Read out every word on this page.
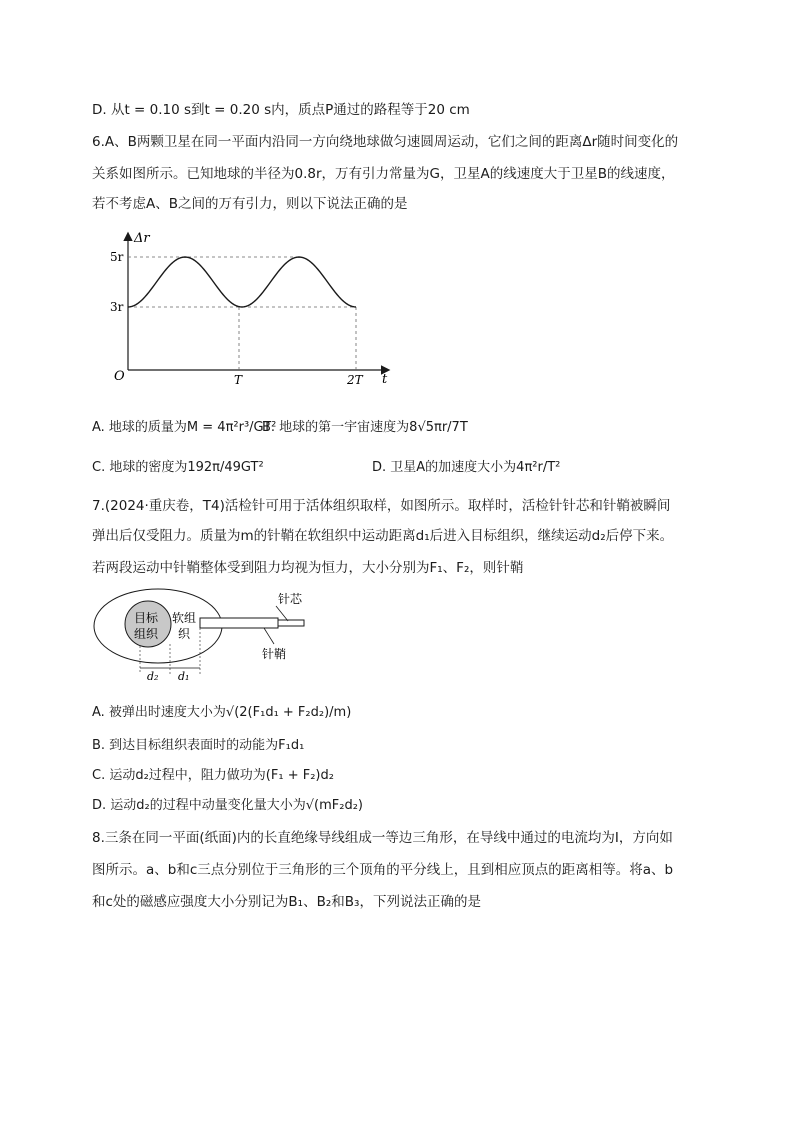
D. 从t = 0.10 s到t = 0.20 s内，质点P通过的路程等于20 cm
6.A、B两颗卫星在同一平面内沿同一方向绕地球做匀速圆周运动，它们之间的距离Δr随时间变化的
关系如图所示。已知地球的半径为0.8r，万有引力常量为G，卫星A的线速度大于卫星B的线速度，
若不考虑A、B之间的万有引力，则以下说法正确的是
Δr
t
O
5r
3r
T	2T
A. 地球的质量为M = 4π²r³/GT²
B. 地球的第一宇宙速度为8√5πr/7T
C. 地球的密度为192π/49GT²	D. 卫星A的加速度大小为4π²r/T²
7.(2024·重庆卷，T4)活检针可用于活体组织取样，如图所示。取样时，活检针针芯和针鞘被瞬间
弹出后仅受阻力。质量为m的针鞘在软组织中运动距离d₁后进入目标组织，继续运动d₂后停下来。
若两段运动中针鞘整体受到阻力均视为恒力，大小分别为F₁、F₂，则针鞘
目标
组织
软组
织
针芯
针鞘
d₂ d₁
A. 被弹出时速度大小为√(2(F₁d₁ + F₂d₂)/m)
B. 到达目标组织表面时的动能为F₁d₁
C. 运动d₂过程中，阻力做功为(F₁ + F₂)d₂
D. 运动d₂的过程中动量变化量大小为√(mF₂d₂)
8.三条在同一平面(纸面)内的长直绝缘导线组成一等边三角形，在导线中通过的电流均为I，方向如
图所示。a、b和c三点分别位于三角形的三个顶角的平分线上，且到相应顶点的距离相等。将a、b
和c处的磁感应强度大小分别记为B₁、B₂和B₃，下列说法正确的是
